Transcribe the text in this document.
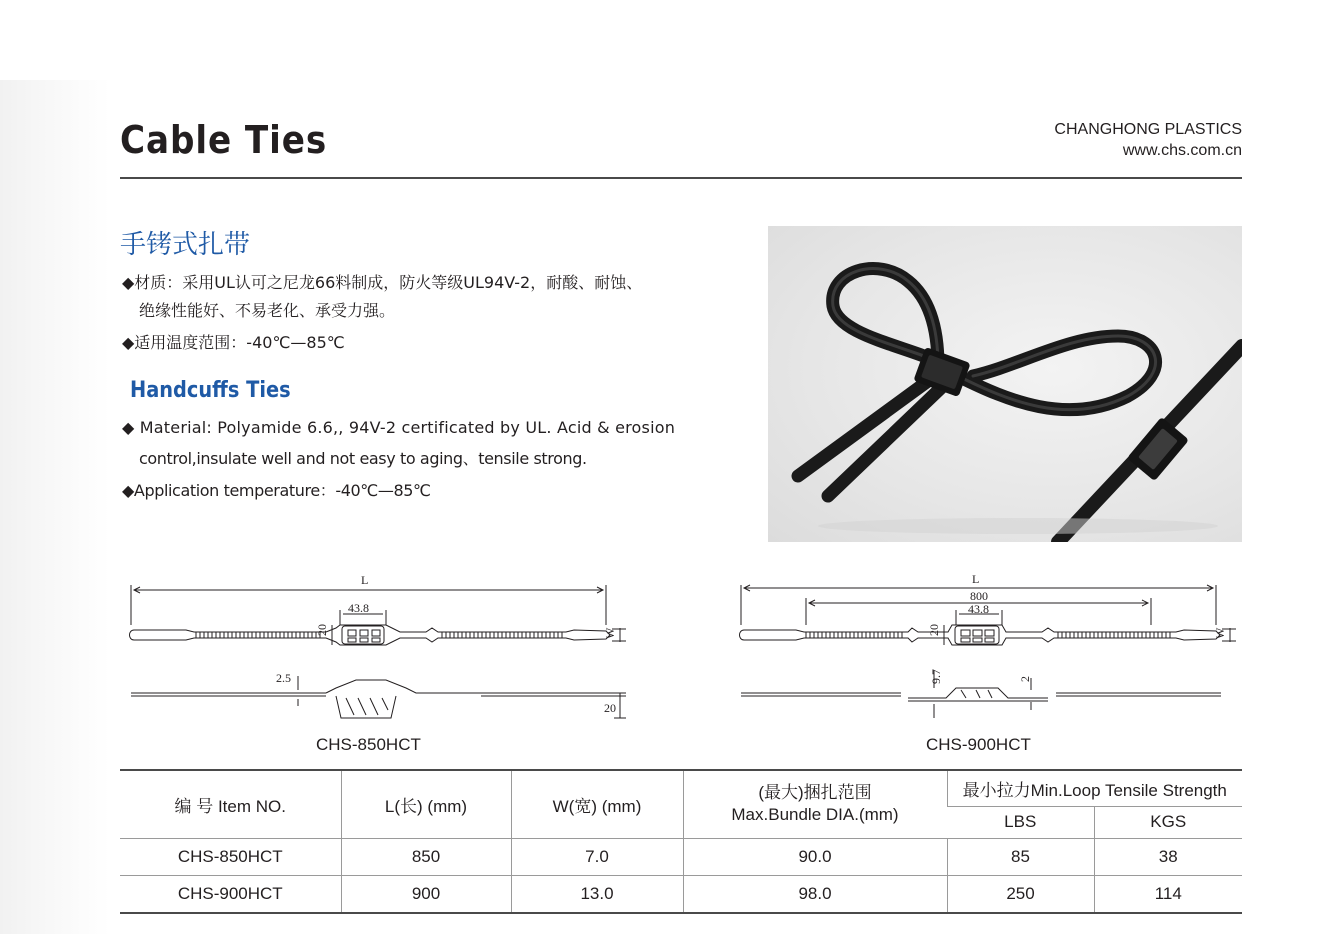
Cable Ties	CHANGHONG PLASTICS
www.chs.com.cn
手铐式扎带
◆材质：采用UL认可之尼龙66料制成，防火等级UL94V-2，耐酸、耐蚀、
绝缘性能好、不易老化、承受力强。
◆适用温度范围：-40℃—85℃
Handcuffs Ties
◆ Material: Polyamide 6.6,, 94V-2 certificated by UL. Acid & erosion
control,insulate well and not easy to aging、tensile strong.
◆Application temperature：-40℃—85℃
L
43.8
20	W
2.5
20
CHS-850HCT
L
800
43.8
20	W
9.7	2
CHS-900HCT
编 号 Item NO.	L(长) (mm)	W(宽) (mm)	(最大)捆扎范围
Max.Bundle DIA.(mm)	最小拉力Min.Loop Tensile Strength	
				LBS	KGS
CHS-850HCT	850	7.0	90.0	85	38
CHS-900HCT	900	13.0	98.0	250	114
